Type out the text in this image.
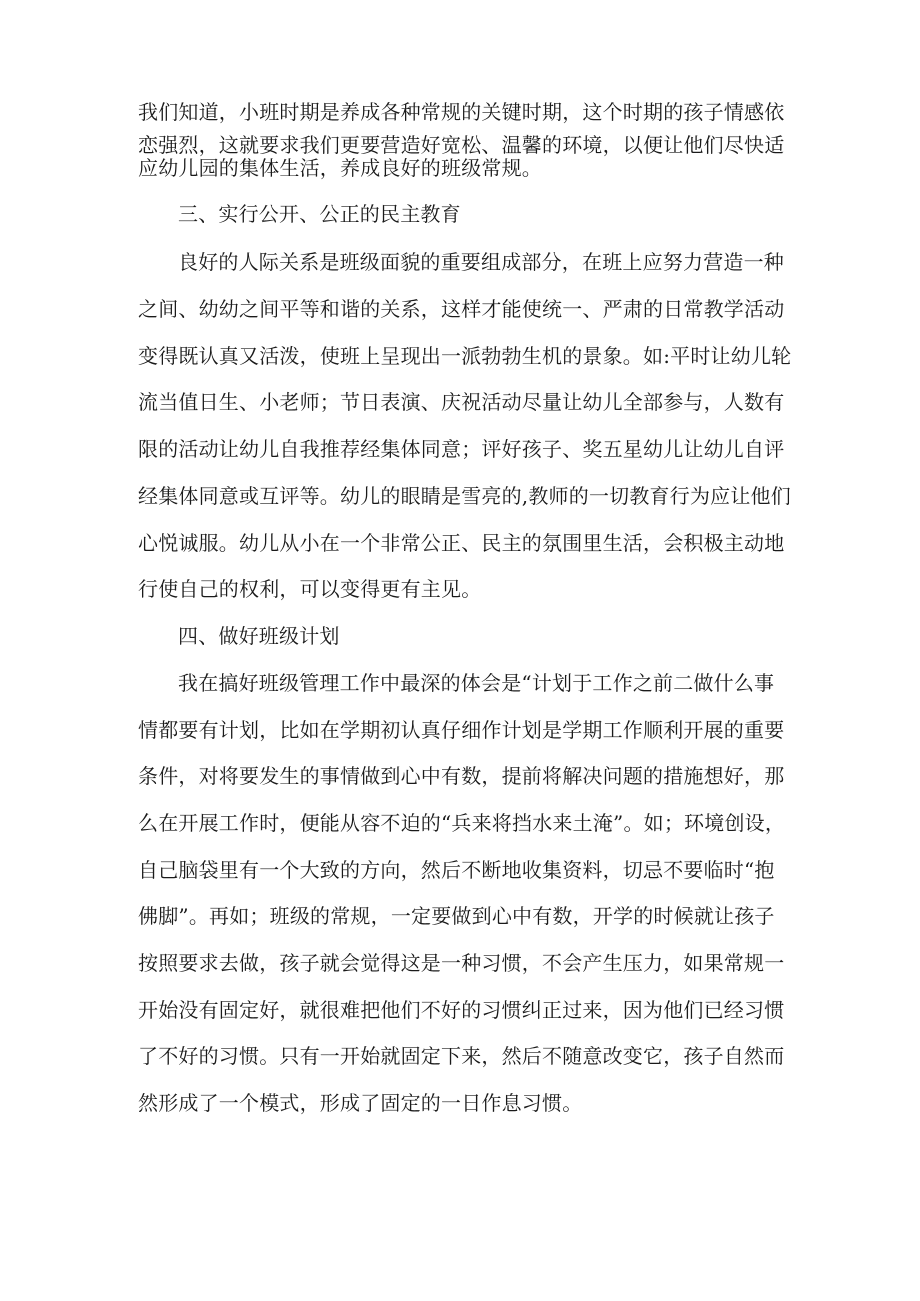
我们知道，小班时期是养成各种常规的关键时期，这个时期的孩子情感依

恋强烈，这就要求我们更要营造好宽松、温馨的环境，以便让他们尽快适

应幼儿园的集体生活，养成良好的班级常规。

三、实行公开、公正的民主教育

良好的人际关系是班级面貌的重要组成部分，在班上应努力营造一种

之间、幼幼之间平等和谐的关系，这样才能使统一、严肃的日常教学活动

变得既认真又活泼，使班上呈现出一派勃勃生机的景象。如:平时让幼儿轮

流当值日生、小老师；节日表演、庆祝活动尽量让幼儿全部参与，人数有

限的活动让幼儿自我推荐经集体同意；评好孩子、奖五星幼儿让幼儿自评

经集体同意或互评等。幼儿的眼睛是雪亮的,教师的一切教育行为应让他们

心悦诚服。幼儿从小在一个非常公正、民主的氛围里生活，会积极主动地

行使自己的权利，可以变得更有主见。

四、做好班级计划

我在搞好班级管理工作中最深的体会是“计划于工作之前二做什么事

情都要有计划，比如在学期初认真仔细作计划是学期工作顺利开展的重要

条件，对将要发生的事情做到心中有数，提前将解决问题的措施想好，那

么在开展工作时，便能从容不迫的“兵来将挡水来土淹”。如；环境创设，

自己脑袋里有一个大致的方向，然后不断地收集资料，切忌不要临时“抱

佛脚”。再如；班级的常规，一定要做到心中有数，开学的时候就让孩子

按照要求去做，孩子就会觉得这是一种习惯，不会产生压力，如果常规一

开始没有固定好，就很难把他们不好的习惯纠正过来，因为他们已经习惯

了不好的习惯。只有一开始就固定下来，然后不随意改变它，孩子自然而

然形成了一个模式，形成了固定的一日作息习惯。
